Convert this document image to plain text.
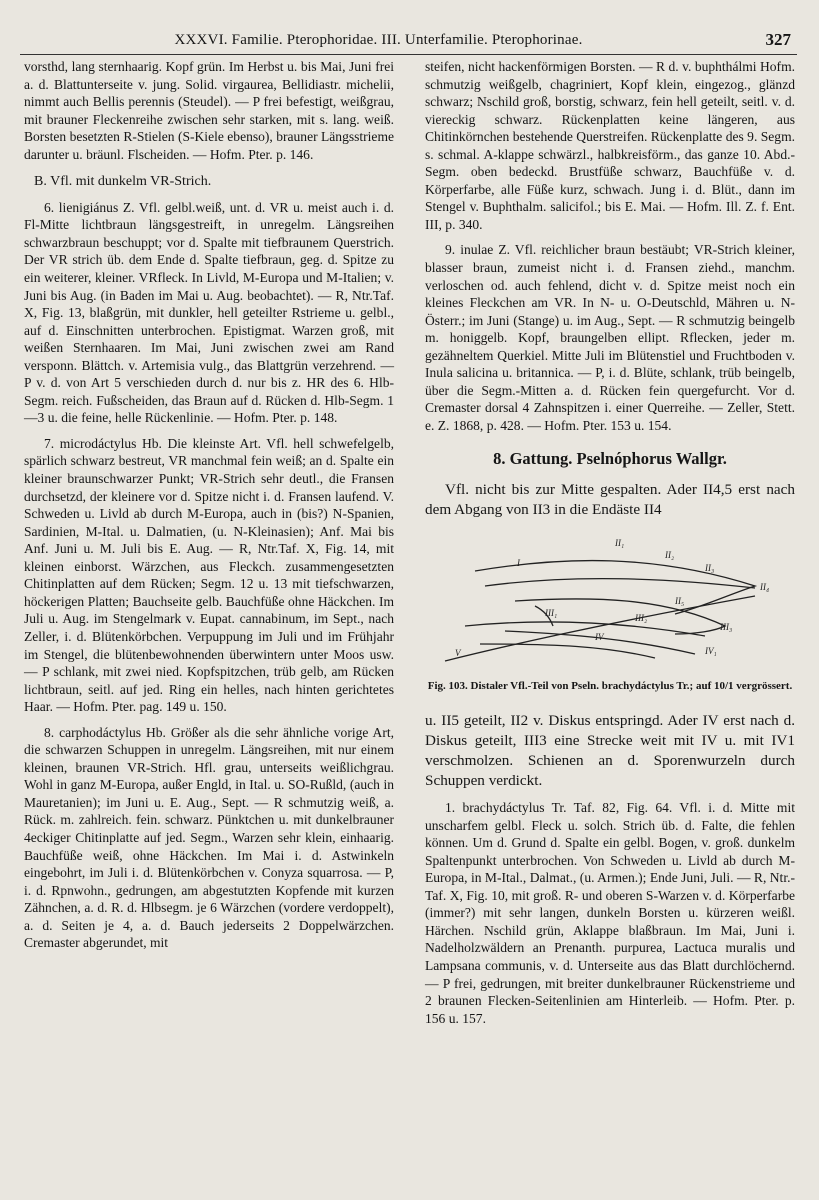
XXXVI. Familie. Pterophoridae. III. Unterfamilie. Pterophorinae.	327

vorsthd, lang sternhaarig. Kopf grün. Im Herbst u. bis Mai, Juni frei a. d. Blattunterseite v. jung. Solid. virgaurea, Bellidiastr. michelii, nimmt auch Bellis perennis (Steudel). — P frei befestigt, weißgrau, mit brauner Fleckenreihe zwischen sehr starken, mit s. lang. weiß. Borsten besetzten R-Stielen (S-Kiele ebenso), brauner Längsstrieme darunter u. bräunl. Flscheiden. — Hofm. Pter. p. 146.

B. Vfl. mit dunkelm VR-Strich.

6. lienigiánus Z. Vfl. gelbl.weiß, unt. d. VR u. meist auch i. d. Fl-Mitte lichtbraun längsgestreift, in unregelm. Längsreihen schwarzbraun beschuppt; vor d. Spalte mit tiefbraunem Querstrich. Der VR strich üb. dem Ende d. Spalte tiefbraun, geg. d. Spitze zu ein weiterer, kleiner. VRfleck. In Livld, M-Europa und M-Italien; v. Juni bis Aug. (in Baden im Mai u. Aug. beobachtet). — R, Ntr.Taf. X, Fig. 13, blaßgrün, mit dunkler, hell geteilter Rstrieme u. gelbl., auf d. Einschnitten unterbrochen. Epistigmat. Warzen groß, mit weißen Sternhaaren. Im Mai, Juni zwischen zwei am Rand versponn. Blättch. v. Artemisia vulg., das Blattgrün verzehrend. — P v. d. von Art 5 verschieden durch d. nur bis z. HR des 6. Hlb-Segm. reich. Fußscheiden, das Braun auf d. Rücken d. Hlb-Segm. 1—3 u. die feine, helle Rückenlinie. — Hofm. Pter. p. 148.

7. microdáctylus Hb. Die kleinste Art. Vfl. hell schwefelgelb, spärlich schwarz bestreut, VR manchmal fein weiß; an d. Spalte ein kleiner braunschwarzer Punkt; VR-Strich sehr deutl., die Fransen durchsetzd, der kleinere vor d. Spitze nicht i. d. Fransen laufend. V. Schweden u. Livld ab durch M-Europa, auch in (bis?) N-Spanien, Sardinien, M-Ital. u. Dalmatien, (u. N-Kleinasien); Anf. Mai bis Anf. Juni u. M. Juli bis E. Aug. — R, Ntr.Taf. X, Fig. 14, mit kleinen einborst. Wärzchen, aus Fleckch. zusammengesetzten Chitinplatten auf dem Rücken; Segm. 12 u. 13 mit tiefschwarzen, höckerigen Platten; Bauchseite gelb. Bauchfüße ohne Häckchen. Im Juli u. Aug. im Stengelmark v. Eupat. cannabinum, im Sept., nach Zeller, i. d. Blütenkörbchen. Verpuppung im Juli und im Frühjahr im Stengel, die blütenbewohnenden überwintern unter Moos usw. — P schlank, mit zwei nied. Kopfspitzchen, trüb gelb, am Rücken lichtbraun, seitl. auf jed. Ring ein helles, nach hinten gerichtetes Haar. — Hofm. Pter. pag. 149 u. 150.

8. carphodáctylus Hb. Größer als die sehr ähnliche vorige Art, die schwarzen Schuppen in unregelm. Längsreihen, mit nur einem kleinen, braunen VR-Strich. Hfl. grau, unterseits weißlichgrau. Wohl in ganz M-Europa, außer Engld, in Ital. u. SO-Rußld, (auch in Mauretanien); im Juni u. E. Aug., Sept. — R schmutzig weiß, a. Rück. m. zahlreich. fein. schwarz. Pünktchen u. mit dunkelbrauner 4eckiger Chitinplatte auf jed. Segm., Warzen sehr klein, einhaarig. Bauchfüße weiß, ohne Häckchen. Im Mai i. d. Astwinkeln eingebohrt, im Juli i. d. Blütenkörbchen v. Conyza squarrosa. — P, i. d. Rpnwohn., gedrungen, am abgestutzten Kopfende mit kurzen Zähnchen, a. d. R. d. Hlbsegm. je 6 Wärzchen (vordere verdoppelt), a. d. Seiten je 4, a. d. Bauch jederseits 2 Doppelwärzchen. Cremaster abgerundet, mit

steifen, nicht hackenförmigen Borsten. — R d. v. buphthálmi Hofm. schmutzig weißgelb, chagriniert, Kopf klein, eingezog., glänzd schwarz; Nschild groß, borstig, schwarz, fein hell geteilt, seitl. v. d. viereckig schwarz. Rückenplatten keine längeren, aus Chitinkörnchen bestehende Querstreifen. Rückenplatte des 9. Segm. s. schmal. A-klappe schwärzl., halbkreisförm., das ganze 10. Abd.-Segm. oben bedeckd. Brustfüße schwarz, Bauchfüße v. d. Körperfarbe, alle Füße kurz, schwach. Jung i. d. Blüt., dann im Stengel v. Buphthalm. salicifol.; bis E. Mai. — Hofm. Ill. Z. f. Ent. III, p. 340.

9. inulae Z. Vfl. reichlicher braun bestäubt; VR-Strich kleiner, blasser braun, zumeist nicht i. d. Fransen ziehd., manchm. verloschen od. auch fehlend, dicht v. d. Spitze meist noch ein kleines Fleckchen am VR. In N- u. O-Deutschld, Mähren u. N-Österr.; im Juni (Stange) u. im Aug., Sept. — R schmutzig beingelb m. honiggelb. Kopf, braungelben ellipt. Rflecken, jeder m. gezähneltem Querkiel. Mitte Juli im Blütenstiel und Fruchtboden v. Inula salicina u. britannica. — P, i. d. Blüte, schlank, trüb beingelb, über die Segm.-Mitten a. d. Rücken fein quergefurcht. Vor d. Cremaster dorsal 4 Zahnspitzen i. einer Querreihe. — Zeller, Stett. e. Z. 1868, p. 428. — Hofm. Pter. 153 u. 154.

8. Gattung. Pselnóphorus Wallgr.

Vfl. nicht bis zur Mitte gespalten. Ader II4,5 erst nach dem Abgang von II3 in die Endäste II4

I
II₁
II₂
II₃
II₄
II₅
III₁	III₂
III₃
IV
IV₁
V
Fig. 103. Distaler Vfl.-Teil von Pseln. brachydáctylus Tr.; auf 10/1 vergrössert.

u. II5 geteilt, II2 v. Diskus entspringd. Ader IV erst nach d. Diskus geteilt, III3 eine Strecke weit mit IV u. mit IV1 verschmolzen. Schienen an d. Sporenwurzeln durch Schuppen verdickt.

1. brachydáctylus Tr. Taf. 82, Fig. 64. Vfl. i. d. Mitte mit unscharfem gelbl. Fleck u. solch. Strich üb. d. Falte, die fehlen können. Um d. Grund d. Spalte ein gelbl. Bogen, v. groß. dunkelm Spaltenpunkt unterbrochen. Von Schweden u. Livld ab durch M-Europa, in M-Ital., Dalmat., (u. Armen.); Ende Juni, Juli. — R, Ntr.-Taf. X, Fig. 10, mit groß. R- und oberen S-Warzen v. d. Körperfarbe (immer?) mit sehr langen, dunkeln Borsten u. kürzeren weißl. Härchen. Nschild grün, Aklappe blaßbraun. Im Mai, Juni i. Nadelholzwäldern an Prenanth. purpurea, Lactuca muralis und Lampsana communis, v. d. Unterseite aus das Blatt durchlöchernd. — P frei, gedrungen, mit breiter dunkelbrauner Rückenstrieme und 2 braunen Flecken-Seitenlinien am Hinterleib. — Hofm. Pter. p. 156 u. 157.
